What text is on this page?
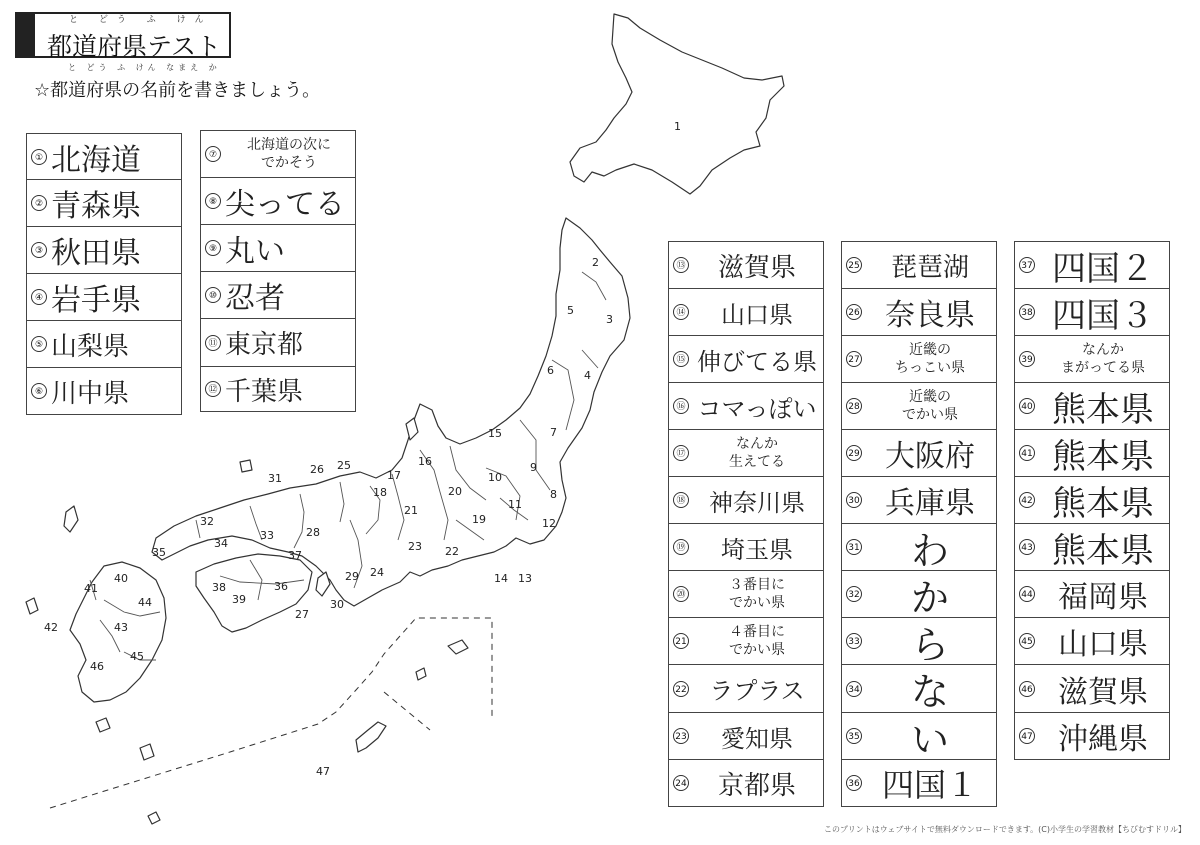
と どう ふ けん
都道府県テスト
と どう ふ けん なまえ か
☆都道府県の名前を書きましょう。
1
2
3
4
5
6
7
8
9
10
11
12
13
14
15
16
17
18
19
20
21
22
23
24
25
26
27
28
29
30
31
32
33
34
35
36
37
38
39
40
41
42	43
44
45
46
47
① 北海道
② 青森県
③ 秋田県
④ 岩手県
⑤ 山梨県
⑥ 川中県
⑦
北海道の次に
でかそう
⑧ 尖ってる
⑨ 丸い
⑩ 忍者
⑪ 東京都
⑫ 千葉県
⑬	滋賀県
⑭	山口県
⑮ 伸びてる県
⑯ コマっぽい
⑰
なんか
生えてる
⑱ 神奈川県
⑲	埼玉県
⑳
３番目に
でかい県
21
４番目に
でかい県
22 ラプラス
23	愛知県
24	京都県
25	琵琶湖
26 奈良県
27
近畿の
ちっこい県
28
近畿の
でかい県
29 大阪府
30 兵庫県
31	わ
32	か
33	ら
34	な
35	い
36 四国１
37 四国２
38 四国３
39
なんか
まがってる県
40 熊本県
41 熊本県
42 熊本県
43 熊本県
44 福岡県
45 山口県
46 滋賀県
47 沖縄県
このプリントはウェブサイトで無料ダウンロードできます。(C)小学生の学習教材【ちびむすドリル】
